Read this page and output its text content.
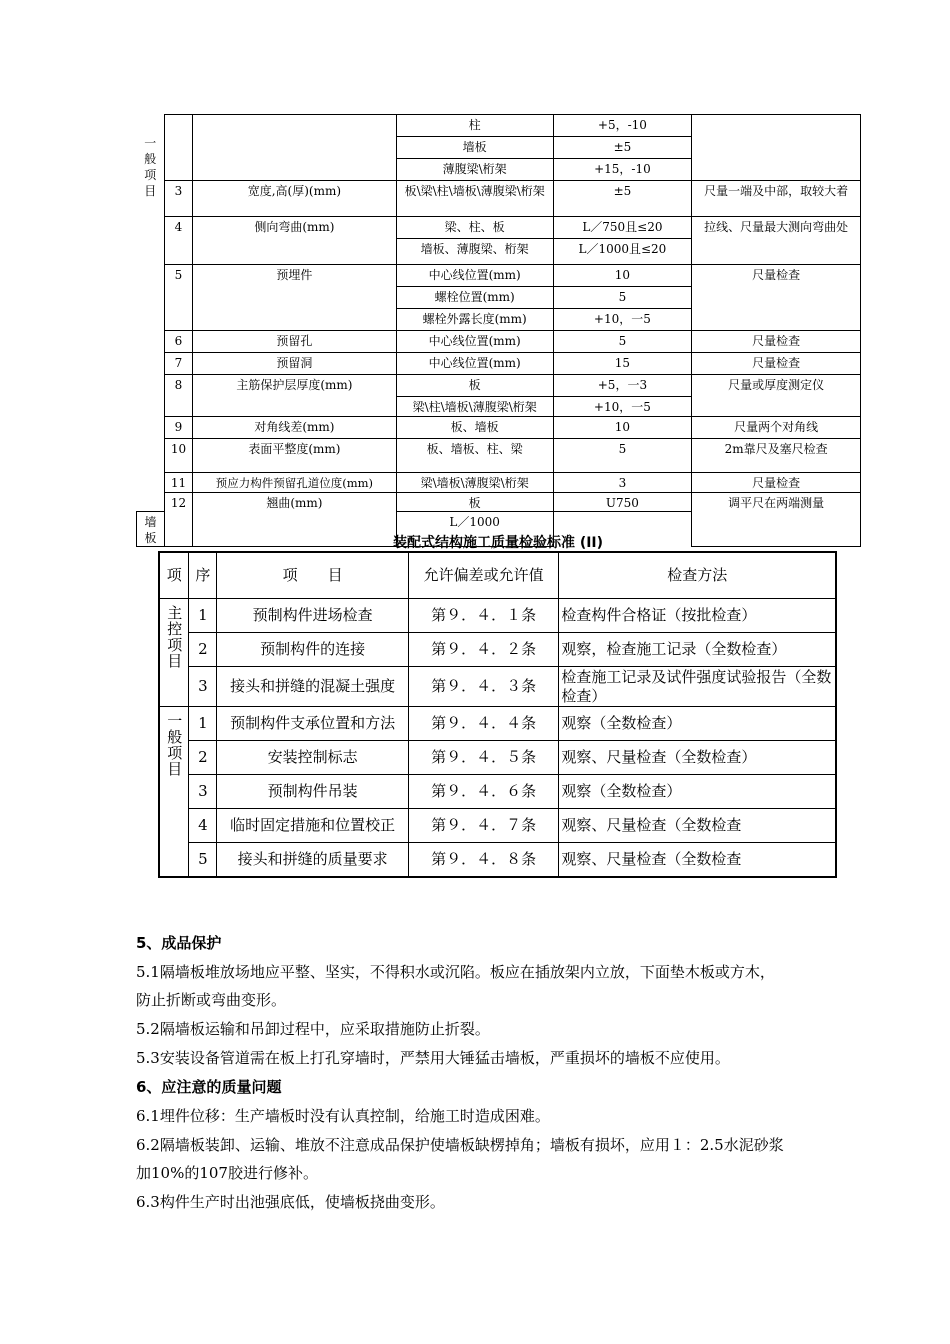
一般项目			柱	+5，-10	
			墙板	±5	
			薄腹梁\桁架	+15，-10	
	3	宽度,高(厚)(mm)	板\梁\柱\墙板\薄腹梁\桁架	±5	尺量一端及中部，取较大着
	4	侧向弯曲(mm)	梁、柱、板	L／750且≤20	拉线、尺量最大测向弯曲处
			墙板、薄腹梁、桁架	L／1000且≤20	
	5	预埋件	中心线位置(mm)	10	尺量检查
			螺栓位置(mm)	5	
			螺栓外露长度(mm)	+10，一5	
	6	预留孔	中心线位置(mm)	5	尺量检查
	7	预留洞	中心线位置(mm)	15	尺量检查
	8	主筋保护层厚度(mm)	板	+5，一3	尺量或厚度测定仪
			梁\柱\墙板\薄腹梁\桁架	+10，一5	
	9	对角线差(mm)	板、墙板	10	尺量两个对角线
	10	表面平整度(mm)	板、墙板、柱、梁	5	2m靠尺及塞尺检查
	11	预应力构件预留孔道位度(mm)	梁\墙板\薄腹梁\桁架	3	尺量检查
	12	翘曲(mm)	板	U750	调平尺在两端测量
墙板			L／1000		
装配式结构施工质量检验标准 (II)
项	序	项　　目	允许偏差或允许值	检查方法

主控项目	1	预制构件进场检查	第９．４．１条	检查构件合格证（按批检查）
	2	预制构件的连接	第９．４．２条	观察，检查施工记录（全数检查）
	3	接头和拼缝的混凝土强度	第９．４．３条	检查施工记录及试件强度试验报告（全数检查）

一般项目	1	预制构件支承位置和方法	第９．４．４条	观察（全数检查）
	2	安装控制标志	第９．４．５条	观察、尺量检查（全数检查）
	3	预制构件吊装	第９．４．６条	观察（全数检查）
	4	临时固定措施和位置校正	第９．４．７条	观察、尺量检查（全数检查
	5	接头和拼缝的质量要求	第９．４．８条	观察、尺量检查（全数检查
5、成品保护
5.1隔墙板堆放场地应平整、坚实，不得积水或沉陷。板应在插放架内立放，下面垫木板或方木，
防止折断或弯曲变形。
5.2隔墙板运输和吊卸过程中，应采取措施防止折裂。
5.3安装设备管道需在板上打孔穿墙时，严禁用大锤猛击墙板，严重损坏的墙板不应使用。
6、应注意的质量问题
6.1埋件位移：生产墙板时没有认真控制，给施工时造成困难。
6.2隔墙板装卸、运输、堆放不注意成品保护使墙板缺楞掉角；墙板有损坏，应用１：2.5水泥砂浆
加10%的107胶进行修补。
6.3构件生产时出池强底低，使墙板挠曲变形。
